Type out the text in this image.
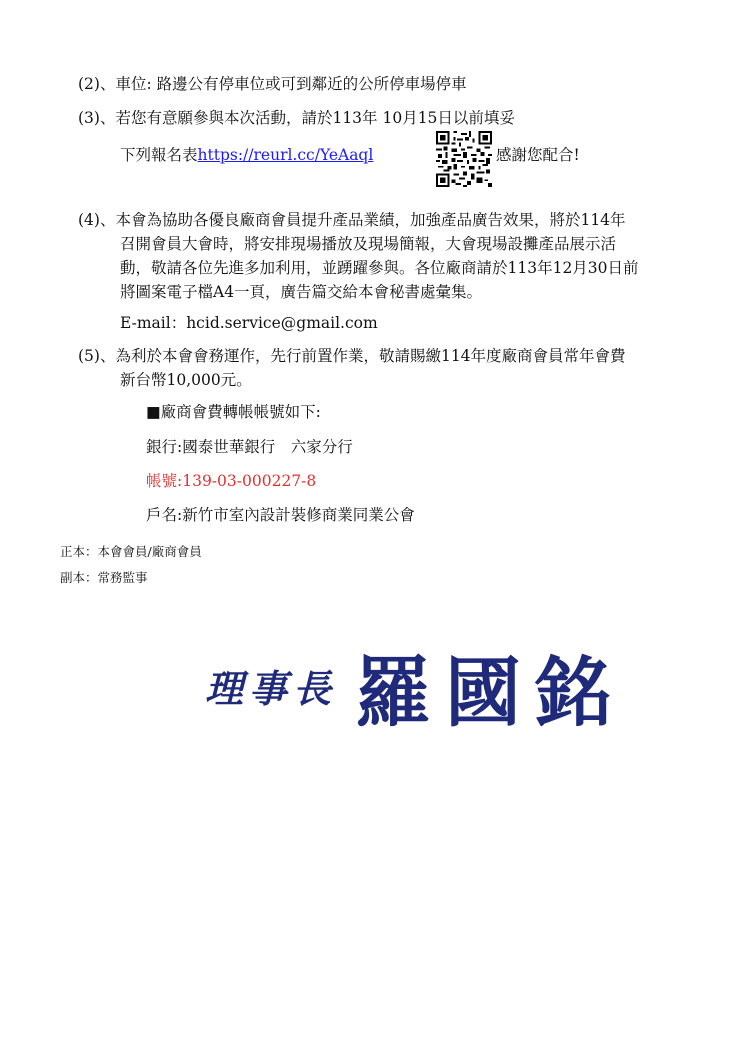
(2)、車位: 路邊公有停車位或可到鄰近的公所停車場停車
(3)、若您有意願參與本次活動，請於113年 10月15日以前填妥
下列報名表https://reurl.cc/YeAaql	感謝您配合!
(4)、本會為協助各優良廠商會員提升產品業績，加強產品廣告效果，將於114年
召開會員大會時，將安排現場播放及現場簡報，大會現場設攤產品展示活
動，敬請各位先進多加利用，並踴躍參與。各位廠商請於113年12月30日前
將圖案電子檔A4一頁，廣告篇交給本會秘書處彙集。
E-mail：hcid.service@gmail.com
(5)、為利於本會會務運作，先行前置作業，敬請賜繳114年度廠商會員常年會費
新台幣10,000元。
■廠商會費轉帳帳號如下:
銀行:國泰世華銀行　六家分行
帳號:139-03-000227-8
戶名:新竹市室內設計裝修商業同業公會
正本：本會會員/廠商會員
副本：常務監事
理事長 羅國銘
